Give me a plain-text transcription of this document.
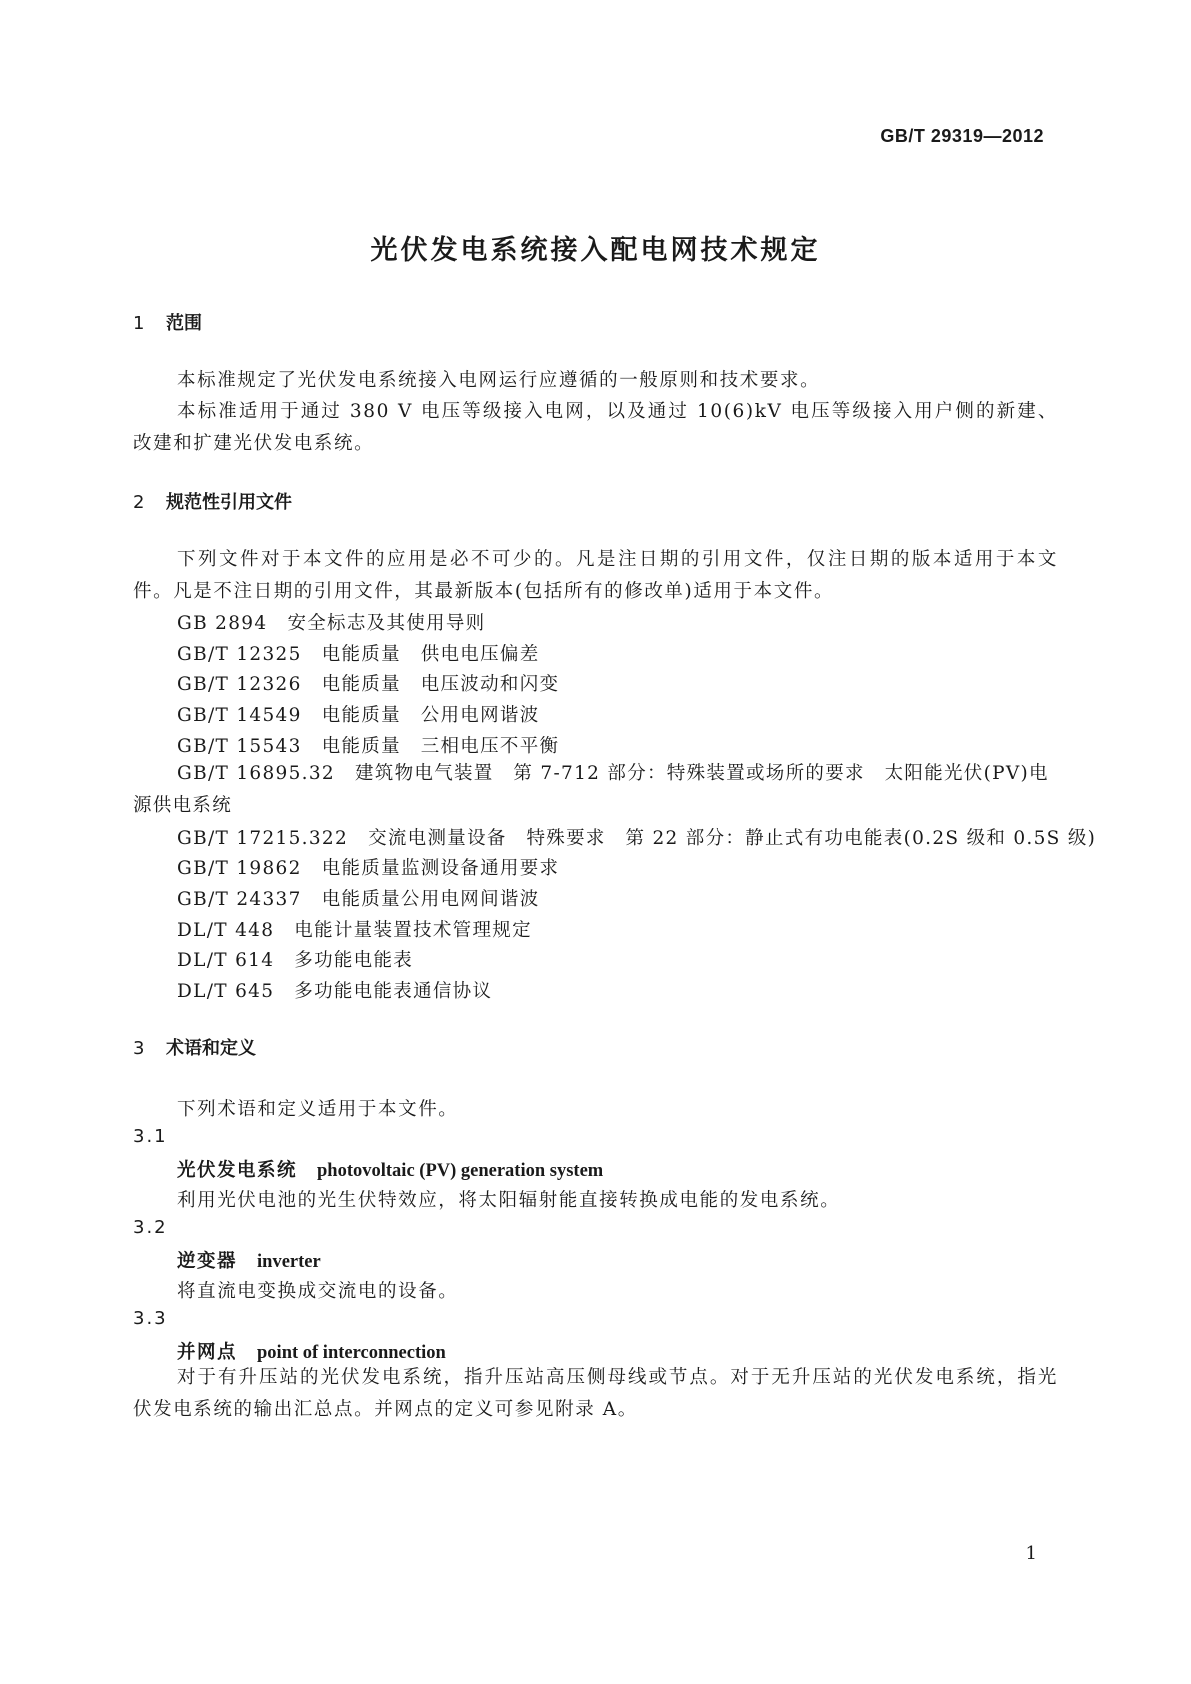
GB/T 29319—2012
光伏发电系统接入配电网技术规定
1 范围
本标准规定了光伏发电系统接入电网运行应遵循的一般原则和技术要求。
本标准适用于通过 380 V 电压等级接入电网，以及通过 10(6)kV 电压等级接入用户侧的新建、改建和扩建光伏发电系统。
2 规范性引用文件
下列文件对于本文件的应用是必不可少的。凡是注日期的引用文件，仅注日期的版本适用于本文件。凡是不注日期的引用文件，其最新版本(包括所有的修改单)适用于本文件。
GB 2894 安全标志及其使用导则
GB/T 12325 电能质量　供电电压偏差
GB/T 12326 电能质量　电压波动和闪变
GB/T 14549 电能质量　公用电网谐波
GB/T 15543 电能质量　三相电压不平衡
GB/T 16895.32 建筑物电气装置　第 7-712 部分：特殊装置或场所的要求　太阳能光伏(PV)电源供电系统
GB/T 17215.322 交流电测量设备　特殊要求　第 22 部分：静止式有功电能表(0.2S 级和 0.5S 级)
GB/T 19862 电能质量监测设备通用要求
GB/T 24337 电能质量公用电网间谐波
DL/T 448 电能计量装置技术管理规定
DL/T 614 多功能电能表
DL/T 645 多功能电能表通信协议
3 术语和定义
下列术语和定义适用于本文件。
3.1
光伏发电系统 photovoltaic (PV) generation system
利用光伏电池的光生伏特效应，将太阳辐射能直接转换成电能的发电系统。
3.2
逆变器 inverter
将直流电变换成交流电的设备。
3.3
并网点 point of interconnection
对于有升压站的光伏发电系统，指升压站高压侧母线或节点。对于无升压站的光伏发电系统，指光伏发电系统的输出汇总点。并网点的定义可参见附录 A。
1
